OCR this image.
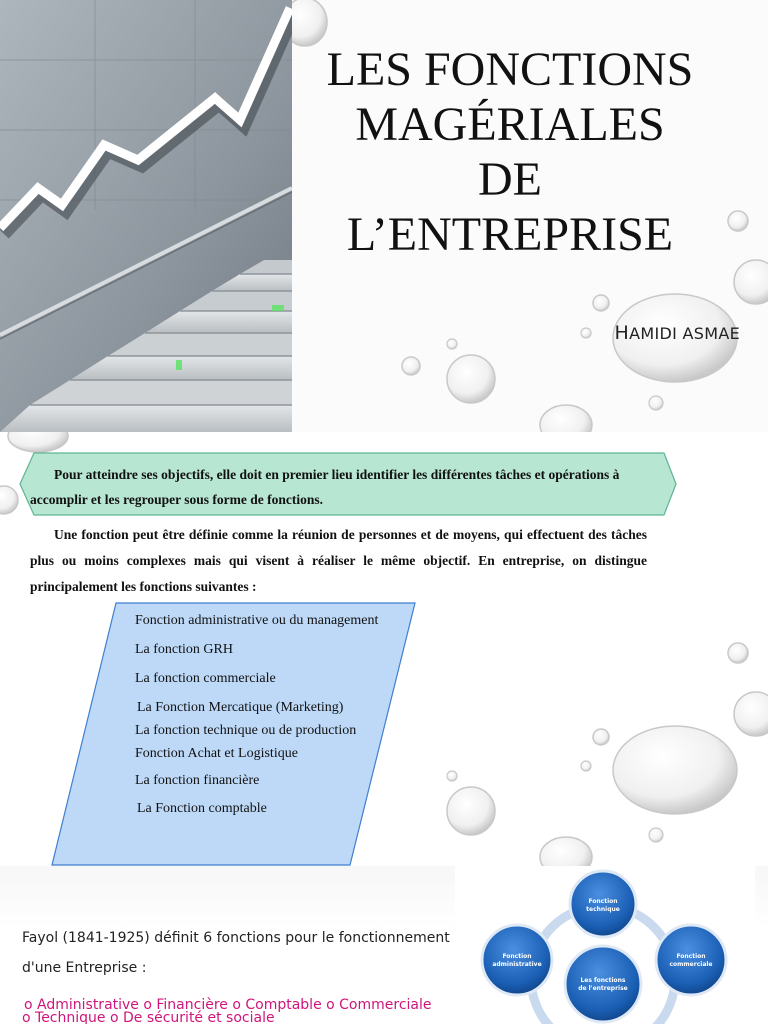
LES FONCTIONS
MAGÉRIALES
DE
L’ENTREPRISE
HAMIDI ASMAE

Pour atteindre ses objectifs, elle doit en premier lieu identifier les différentes tâches et opérations à accomplir et les regrouper sous forme de fonctions.

Une fonction peut être définie comme la réunion de personnes et de moyens, qui effectuent des tâches plus ou moins complexes mais qui visent à réaliser le même objectif. En entreprise, on distingue principalement les fonctions suivantes :

Fonction administrative ou du management
La fonction GRH
La fonction commerciale
La Fonction Mercatique (Marketing)
La fonction technique ou de production
Fonction Achat et Logistique
La fonction financière
La Fonction comptable
Fayol (1841-1925) définit 6 fonctions pour le fonctionnement
d'une Entreprise :
o Administrative o Financière o Comptable o Commerciale
o Technique o De sécurité et sociale
Les fonctions
de l'entreprise
Fonction
technique
Fonction
administrative
Fonction
commerciale
